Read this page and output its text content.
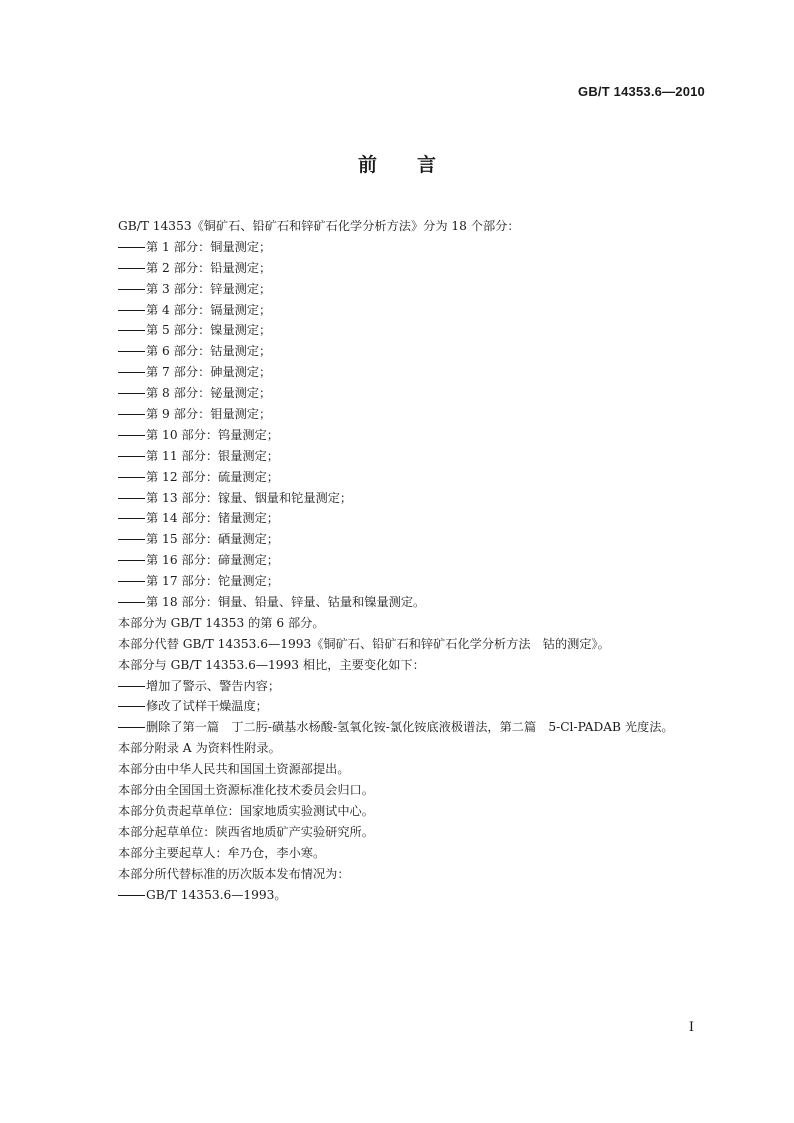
GB/T 14353.6—2010
前言
GB/T 14353《铜矿石、铅矿石和锌矿石化学分析方法》分为 18 个部分：
第 1 部分：铜量测定；
第 2 部分：铅量测定；
第 3 部分：锌量测定；
第 4 部分：镉量测定；
第 5 部分：镍量测定；
第 6 部分：钴量测定；
第 7 部分：砷量测定；
第 8 部分：铋量测定；
第 9 部分：钼量测定；
第 10 部分：钨量测定；
第 11 部分：银量测定；
第 12 部分：硫量测定；
第 13 部分：镓量、铟量和铊量测定；
第 14 部分：锗量测定；
第 15 部分：硒量测定；
第 16 部分：碲量测定；
第 17 部分：铊量测定；
第 18 部分：铜量、铅量、锌量、钴量和镍量测定。
本部分为 GB/T 14353 的第 6 部分。
本部分代替 GB/T 14353.6—1993《铜矿石、铅矿石和锌矿石化学分析方法　钴的测定》。
本部分与 GB/T 14353.6—1993 相比，主要变化如下：
增加了警示、警告内容；
修改了试样干燥温度；
删除了第一篇　丁二肟-磺基水杨酸-氢氧化铵-氯化铵底液极谱法，第二篇　5-Cl-PADAB 光度法。
本部分附录 A 为资料性附录。
本部分由中华人民共和国国土资源部提出。
本部分由全国国土资源标准化技术委员会归口。
本部分负责起草单位：国家地质实验测试中心。
本部分起草单位：陕西省地质矿产实验研究所。
本部分主要起草人：牟乃仓，李小寒。
本部分所代替标准的历次版本发布情况为：
GB/T 14353.6—1993。
I
